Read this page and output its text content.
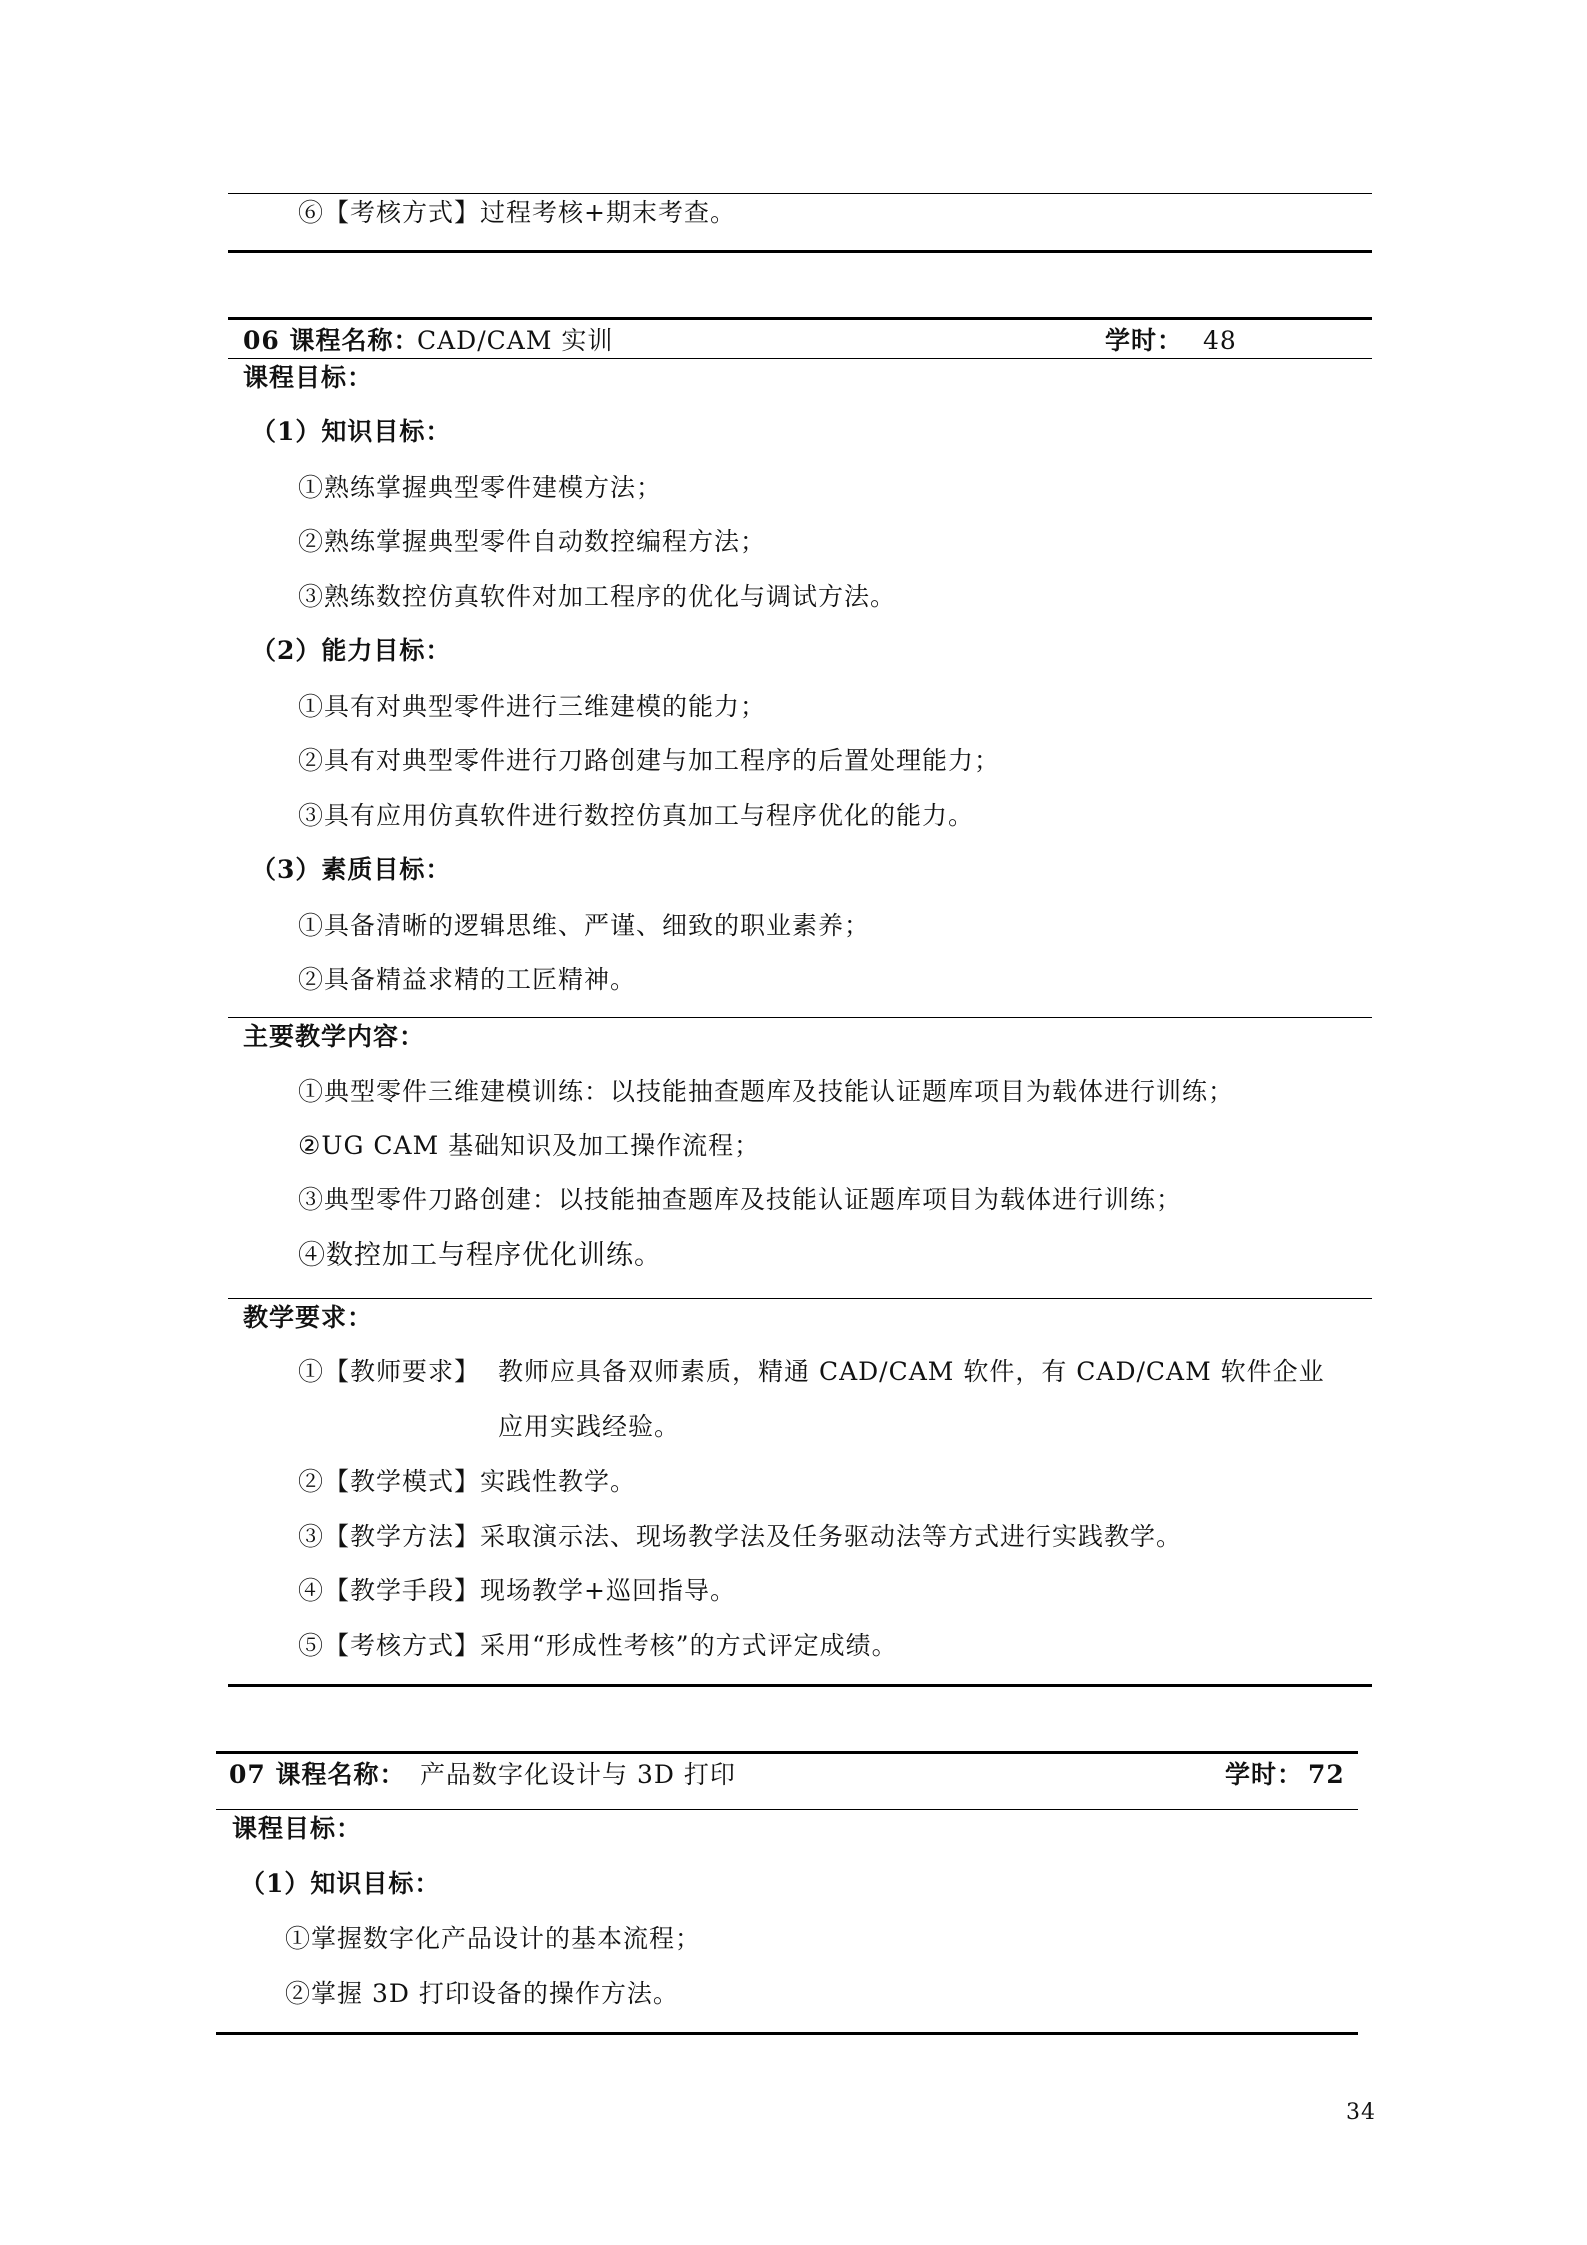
⑥【考核方式】过程考核+期末考查。
06 课程名称：
CAD/CAM 实训	学时： 48
课程目标：
（1）知识目标：
①熟练掌握典型零件建模方法；
②熟练掌握典型零件自动数控编程方法；
③熟练数控仿真软件对加工程序的优化与调试方法。
（2）能力目标：
①具有对典型零件进行三维建模的能力；
②具有对典型零件进行刀路创建与加工程序的后置处理能力；
③具有应用仿真软件进行数控仿真加工与程序优化的能力。
（3）素质目标：
①具备清晰的逻辑思维、严谨、细致的职业素养；
②具备精益求精的工匠精神。
主要教学内容：
①典型零件三维建模训练：以技能抽查题库及技能认证题库项目为载体进行训练；
②UG CAM 基础知识及加工操作流程；
③典型零件刀路创建：以技能抽查题库及技能认证题库项目为载体进行训练；
④数控加工与程序优化训练。
教学要求：
①【教师要求】 教师应具备双师素质，精通 CAD/CAM 软件，有 CAD/CAM 软件企业
应用实践经验。
②【教学模式】实践性教学。
③【教学方法】采取演示法、现场教学法及任务驱动法等方式进行实践教学。
④【教学手段】现场教学+巡回指导。
⑤【考核方式】采用“形成性考核”的方式评定成绩。
07 课程名称： 产品数字化设计与 3D 打印	学时： 72
课程目标：
（1）知识目标：
①掌握数字化产品设计的基本流程；
②掌握 3D 打印设备的操作方法。
34
